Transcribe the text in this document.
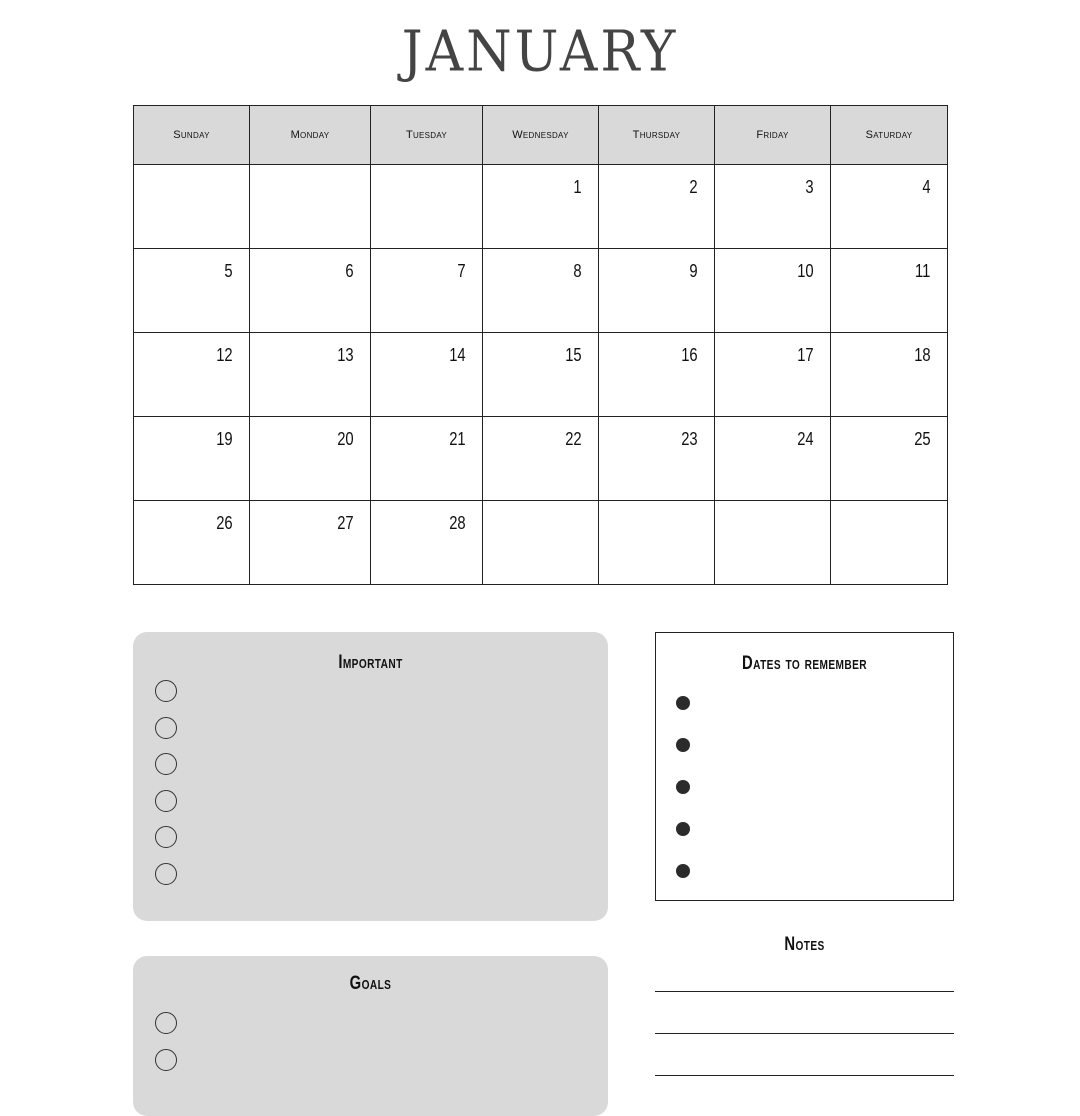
JANUARY
Sunday	Monday	Tuesday	Wednesday	Thursday	Friday	Saturday
			1	2	3	4
5	6	7	8	9	10	11
12	13	14	15	16	17	18
19	20	21	22	23	24	25
26	27	28				
Important	Dates to remember
Notes
Goals
